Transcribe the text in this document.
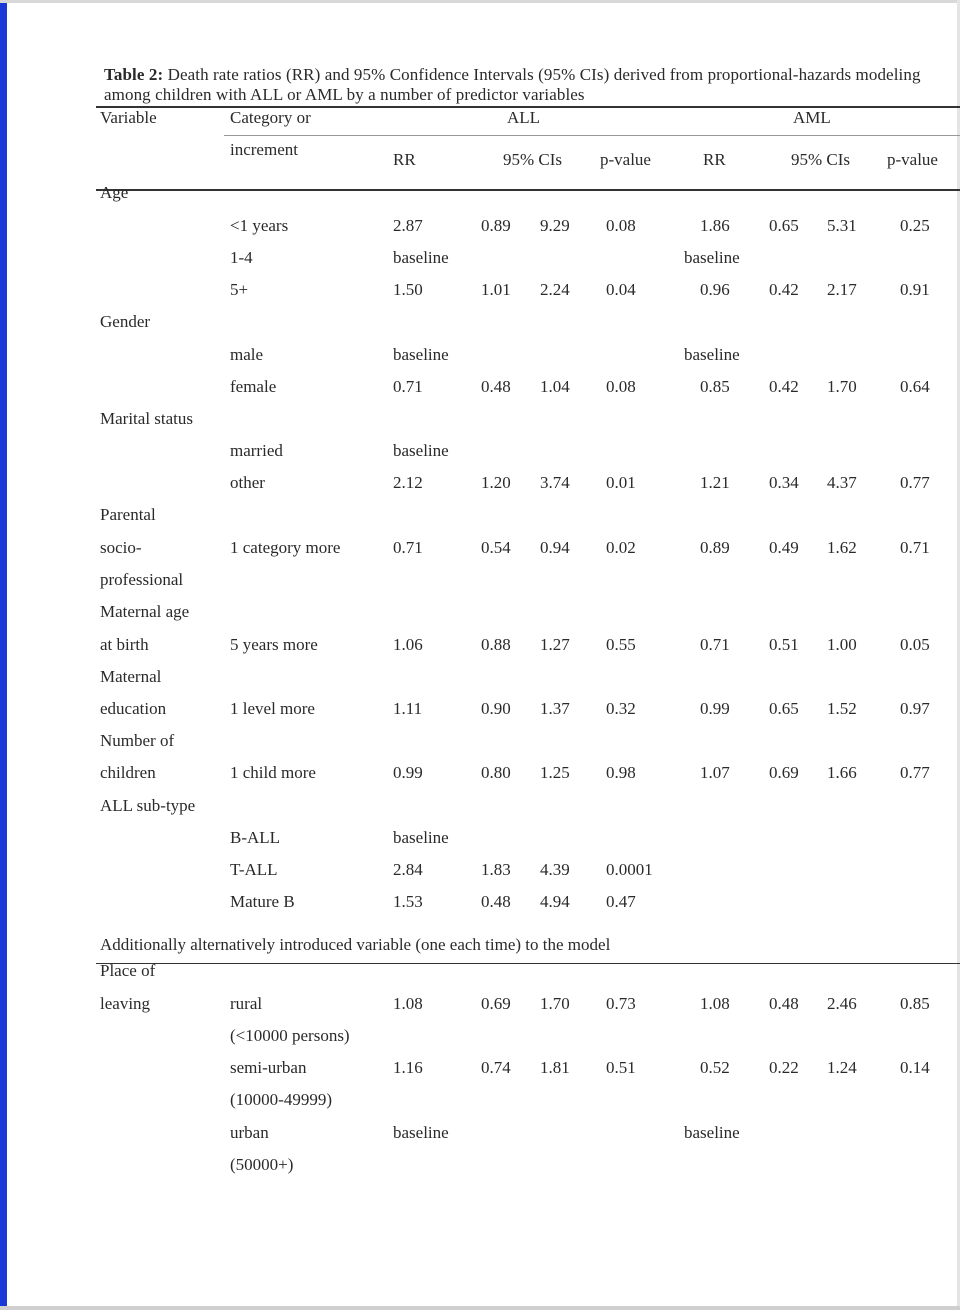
Table 2: Death rate ratios (RR) and 95% Confidence Intervals (95% CIs) derived from proportional-hazards modeling among children with ALL or AML by a number of predictor variables
Variable	Category or
increment
ALL	AML
RR	95% CIs p-value	RR	95% CIs p-value
Age
<1 years	2.87	0.89 9.29 0.08	1.86 0.65 5.31	0.25
1-4	baseline	baseline
5+	1.50	1.01 2.24 0.04	0.96 0.42 2.17	0.91
Gender
male	baseline	baseline
female	0.71	0.48 1.04 0.08	0.85 0.42 1.70	0.64
Marital status
married	baseline
other	2.12	1.20 3.74 0.01	1.21 0.34 4.37	0.77
Parental
socio-	1 category more	0.71	0.54 0.94 0.02	0.89 0.49 1.62	0.71
professional
Maternal age
at birth	5 years more	1.06	0.88 1.27 0.55	0.71 0.51 1.00	0.05
Maternal
education	1 level more	1.11	0.90 1.37 0.32	0.99 0.65 1.52	0.97
Number of
children	1 child more	0.99	0.80 1.25 0.98	1.07 0.69 1.66	0.77
ALL sub-type
B-ALL	baseline
T-ALL	2.84	1.83 4.39 0.0001
Mature B	1.53	0.48 4.94 0.47
Additionally alternatively introduced variable (one each time) to the model
Place of
leaving	rural	1.08	0.69 1.70 0.73	1.08 0.48 2.46	0.85
(<10000 persons)
semi-urban	1.16	0.74 1.81 0.51	0.52 0.22 1.24	0.14
(10000-49999)
urban	baseline	baseline
(50000+)
